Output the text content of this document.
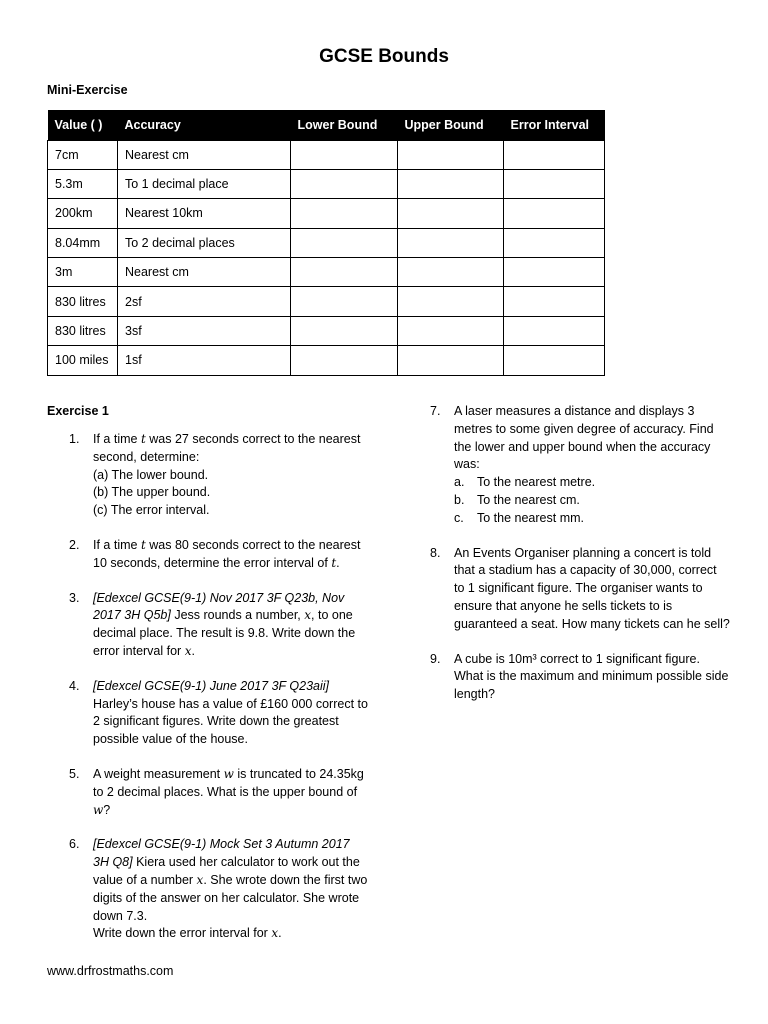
GCSE Bounds
Mini-Exercise
Value ( )	Accuracy	Lower Bound	Upper Bound	Error Interval
7cm	Nearest cm			
5.3m	To 1 decimal place			
200km	Nearest 10km			
8.04mm	To 2 decimal places			
3m	Nearest cm			
830 litres	2sf			
830 litres	3sf			
100 miles	1sf			
Exercise 1
1. If a time t was 27 seconds correct to the nearest second, determine:
(a) The lower bound.
(b) The upper bound.
(c) The error interval.
2. If a time t was 80 seconds correct to the nearest 10 seconds, determine the error interval of t.
3. [Edexcel GCSE(9-1) Nov 2017 3F Q23b, Nov 2017 3H Q5b] Jess rounds a number, x, to one decimal place. The result is 9.8. Write down the error interval for x.
4. [Edexcel GCSE(9-1) June 2017 3F Q23aii] Harley’s house has a value of £160 000 correct to 2 significant figures. Write down the greatest possible value of the house.
5. A weight measurement w is truncated to 24.35kg to 2 decimal places. What is the upper bound of w?
6. [Edexcel GCSE(9-1) Mock Set 3 Autumn 2017 3H Q8] Kiera used her calculator to work out the value of a number x. She wrote down the first two digits of the answer on her calculator. She wrote down 7.3.
Write down the error interval for x.
7. A laser measures a distance and displays 3 metres to some given degree of accuracy. Find the lower and upper bound when the accuracy was:
a. To the nearest metre.
b. To the nearest cm.
c. To the nearest mm.
8. An Events Organiser planning a concert is told that a stadium has a capacity of 30,000, correct to 1 significant figure. The organiser wants to ensure that anyone he sells tickets to is guaranteed a seat. How many tickets can he sell?
9. A cube is 10m³ correct to 1 significant figure. What is the maximum and minimum possible side length?
www.drfrostmaths.com
